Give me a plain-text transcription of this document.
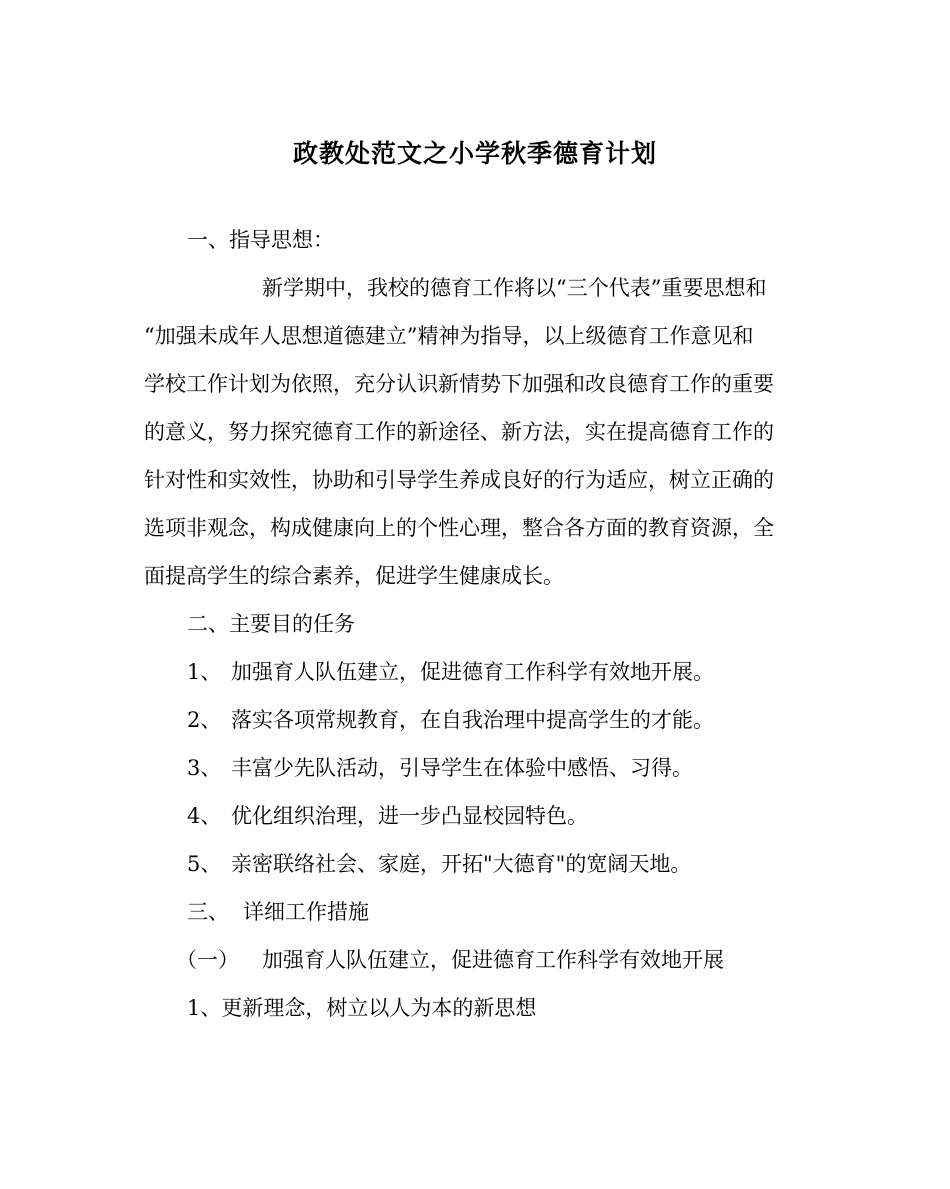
政教处范文之小学秋季德育计划
一、指导思想：
新学期中，我校的德育工作将以“三个代表”重要思想和
“加强未成年人思想道德建立”精神为指导，以上级德育工作意见和
学校工作计划为依照，充分认识新情势下加强和改良德育工作的重要
的意义，努力探究德育工作的新途径、新方法，实在提高德育工作的
针对性和实效性，协助和引导学生养成良好的行为适应，树立正确的
选项非观念，构成健康向上的个性心理，整合各方面的教育资源，全
面提高学生的综合素养，促进学生健康成长。
二、主要目的任务
1、 加强育人队伍建立，促进德育工作科学有效地开展。
2、 落实各项常规教育，在自我治理中提高学生的才能。
3、 丰富少先队活动，引导学生在体验中感悟、习得。
4、 优化组织治理，进一步凸显校园特色。
5、 亲密联络社会、家庭，开拓"大德育"的宽阔天地。
三、 详细工作措施
（一） 加强育人队伍建立，促进德育工作科学有效地开展
1、更新理念，树立以人为本的新思想
